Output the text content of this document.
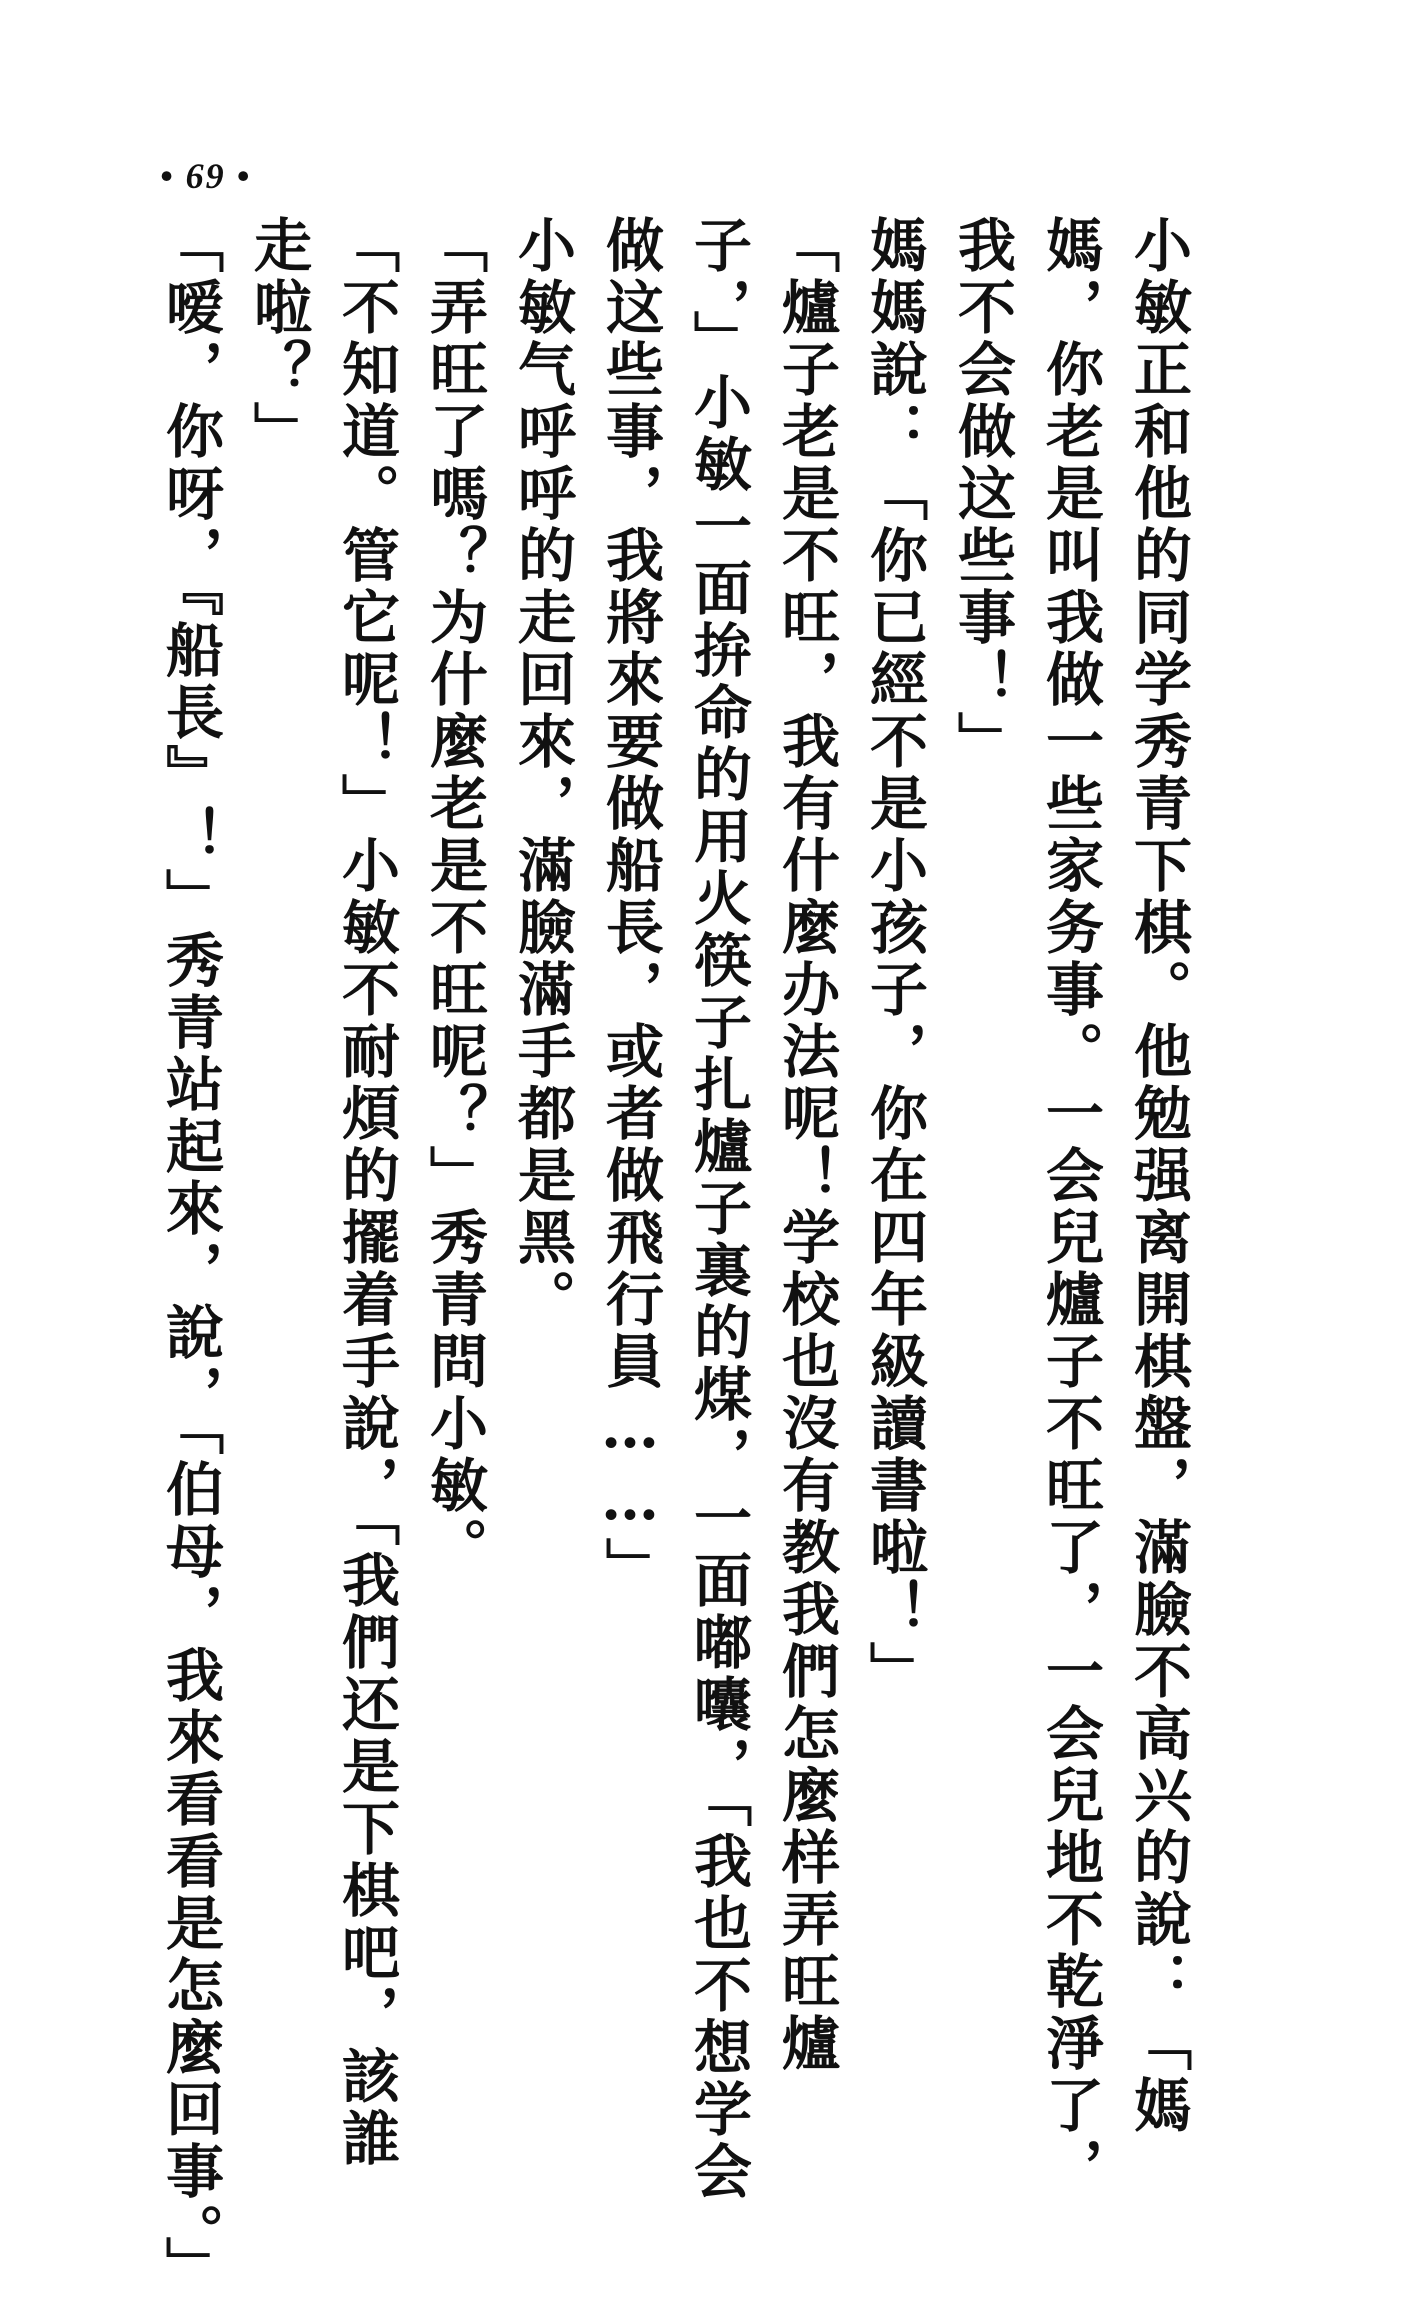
• 69 •
小敏正和他的同学秀青下棋。他勉强离開棋盤，滿臉不高兴的說：「媽
媽，你老是叫我做一些家务事。一会兒爐子不旺了，一会兒地不乾淨了，
我不会做这些事！」
媽媽說：「你已經不是小孩子，你在四年級讀書啦！」
「爐子老是不旺，我有什麼办法呢！学校也沒有教我們怎麼样弄旺爐
子，」小敏一面拚命的用火筷子扎爐子裏的煤，一面嘟囔，「我也不想学会
做这些事，我將來要做船長，或者做飛行員……」
小敏气呼呼的走回來，滿臉滿手都是黑。
「弄旺了嗎？为什麼老是不旺呢？」秀青問小敏。
「不知道。管它呢！」小敏不耐煩的擺着手說，「我們还是下棋吧，該誰
走啦？」
「嗳，你呀，『船長』！」秀青站起來，說，「伯母，我來看看是怎麼回事。」
